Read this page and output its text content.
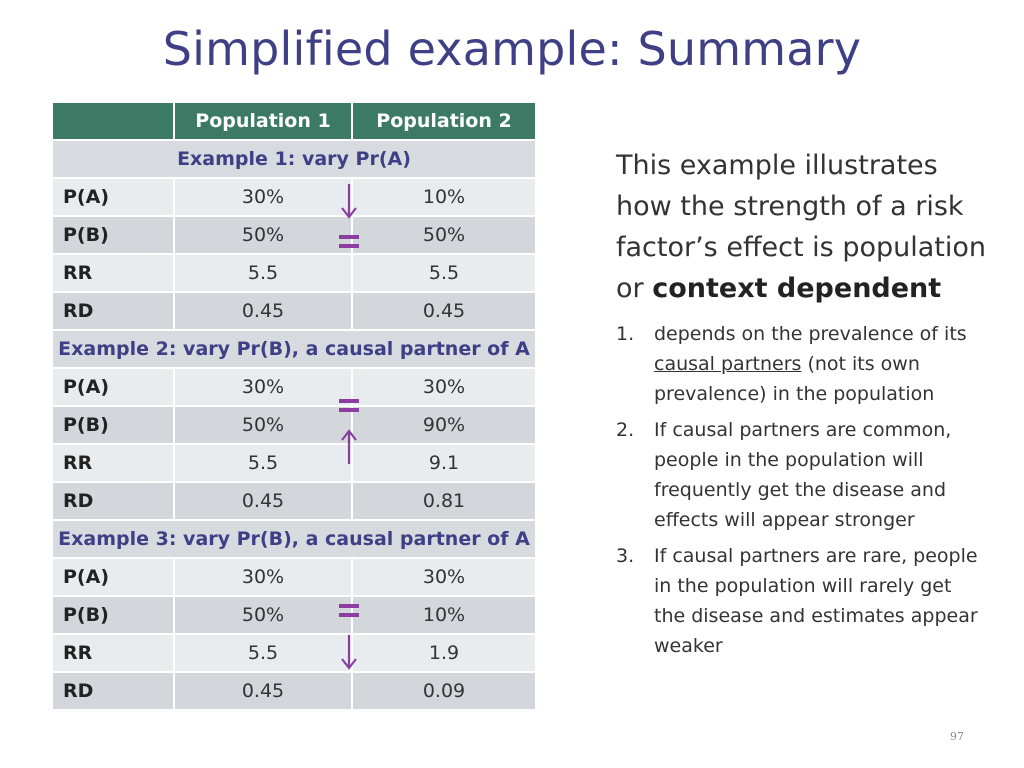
Simplified example: Summary
	Population 1	Population 2
Example 1: vary Pr(A)		
P(A)	30%	10%
P(B)	50%	50%
RR	5.5	5.5
RD	0.45	0.45
Example 2: vary Pr(B), a causal partner of A		
P(A)	30%	30%
P(B)	50%	90%
RR	5.5	9.1
RD	0.45	0.81
Example 3: vary Pr(B), a causal partner of A		
P(A)	30%	30%
P(B)	50%	10%
RR	5.5	1.9
RD	0.45	0.09

This example illustrates how the strength of a risk factor’s effect is population or context dependent

1.	depends on the prevalence of its causal partners (not its own prevalence) in the population
2.	If causal partners are common, people in the population will frequently get the disease and effects will appear stronger
3.	If causal partners are rare, people in the population will rarely get the disease and estimates appear weaker
97
